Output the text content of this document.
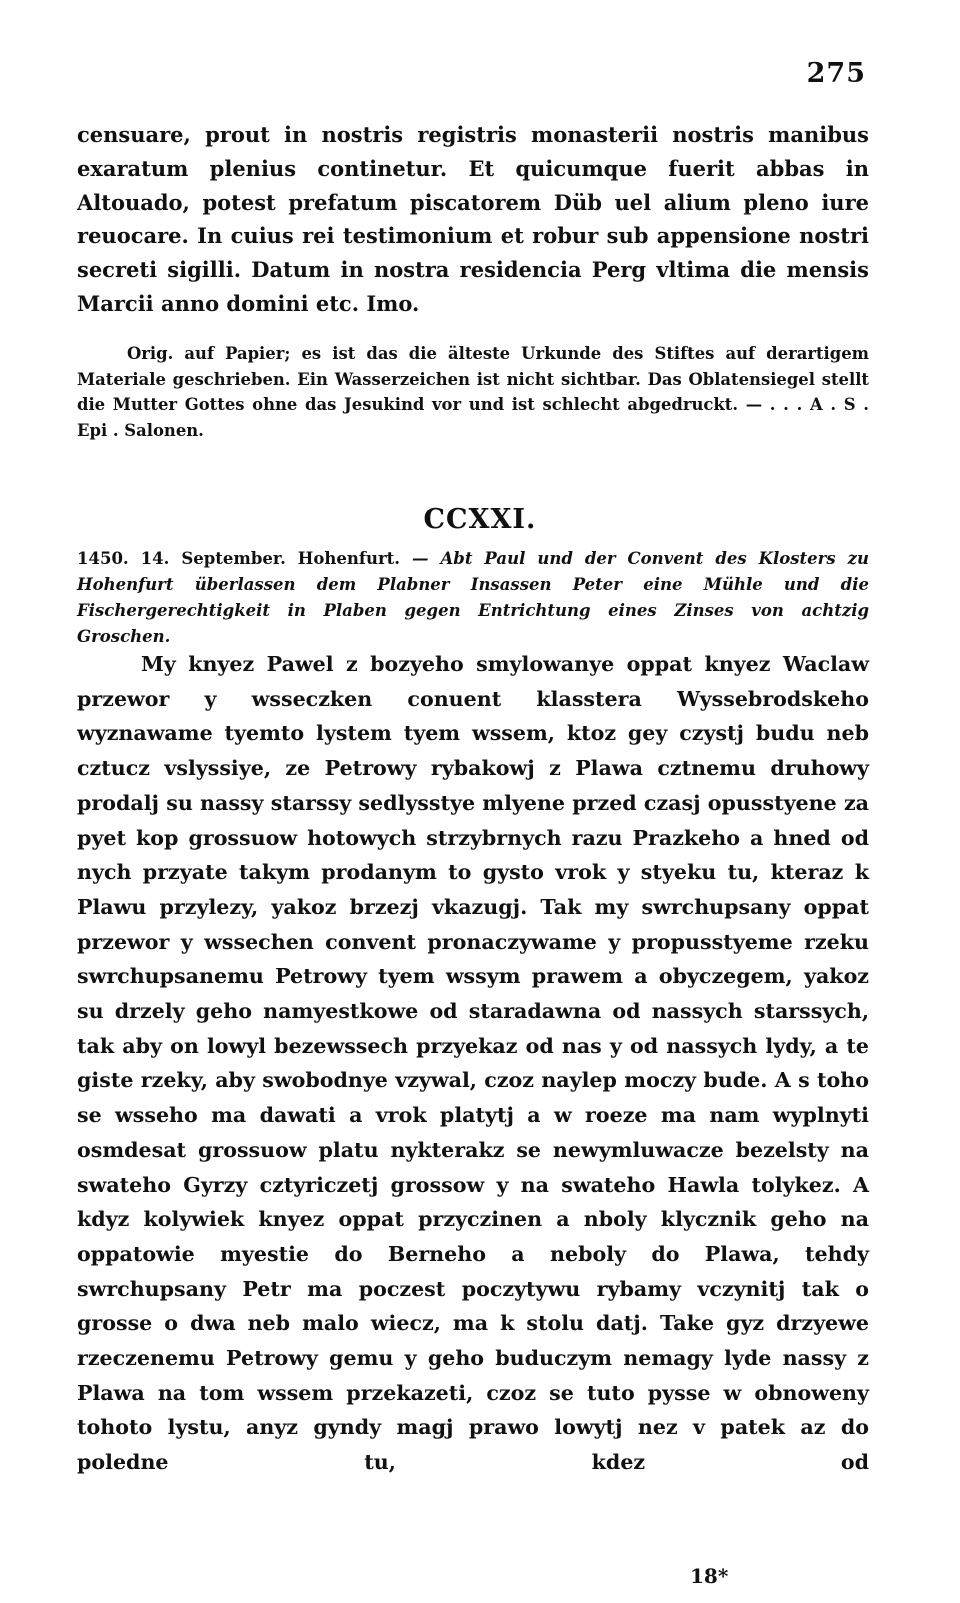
275

censuare, prout in nostris registris monasterii nostris manibus exaratum plenius continetur. Et quicumque fuerit abbas in Altouado, potest prefatum piscatorem Düb uel alium pleno iure reuocare. In cuius rei testimonium et robur sub appensione nostri secreti sigilli. Datum in nostra residencia Perg vltima die mensis Marcii anno domini etc. Imo.

Orig. auf Papier; es ist das die älteste Urkunde des Stiftes auf derartigem Materiale geschrieben. Ein Wasserzeichen ist nicht sichtbar. Das Oblatensiegel stellt die Mutter Gottes ohne das Jesukind vor und ist schlecht abgedruckt. — . . . A . S . Epi . Salonen.

CCXXI.

1450. 14. September. Hohenfurt. — Abt Paul und der Convent des Klosters zu Hohenfurt überlassen dem Plabner Insassen Peter eine Mühle und die Fischergerechtigkeit in Plaben gegen Entrichtung eines Zinses von achtzig Groschen.

My knyez Pawel z bozyeho smylowanye oppat knyez Waclaw przewor y wsseczken conuent klasstera Wyssebrodskeho wyznawame tyemto lystem tyem wssem, ktoz gey czystj budu neb cztucz vslyssiye, ze Petrowy rybakowj z Plawa cztnemu druhowy prodalj su nassy starssy sedlysstye mlyene przed czasj opusstyene za pyet kop grossuow hotowych strzybrnych razu Prazkeho a hned od nych przyate takym prodanym to gysto vrok y styeku tu, kteraz k Plawu przylezy, yakoz brzezj vkazugj. Tak my swrchupsany oppat przewor y wssechen convent pronaczywame y propusstyeme rzeku swrchupsanemu Petrowy tyem wssym prawem a obyczegem, yakoz su drzely geho namyestkowe od staradawna od nassych starssych, tak aby on lowyl bezewssech przyekaz od nas y od nassych lydy, a te giste rzeky, aby swobodnye vzywal, czoz naylep moczy bude. A s toho se wsseho ma dawati a vrok platytj a w roeze ma nam wyplnyti osmdesat grossuow platu nykterakz se newymluwacze bezelsty na swateho Gyrzy cztyriczetj grossow y na swateho Hawla tolykez. A kdyz kolywiek knyez oppat przyczinen a nboly klycznik geho na oppatowie myestie do Berneho a neboly do Plawa, tehdy swrchupsany Petr ma poczest poczytywu rybamy vczynitj tak o grosse o dwa neb malo wiecz, ma k stolu datj. Take gyz drzyewe rzeczenemu Petrowy gemu y geho buduczym nemagy lyde nassy z Plawa na tom wssem przekazeti, czoz se tuto pysse w obnoweny tohoto lystu, anyz gyndy magj prawo lowytj nez v patek az do poledne tu, kdez od

18*
